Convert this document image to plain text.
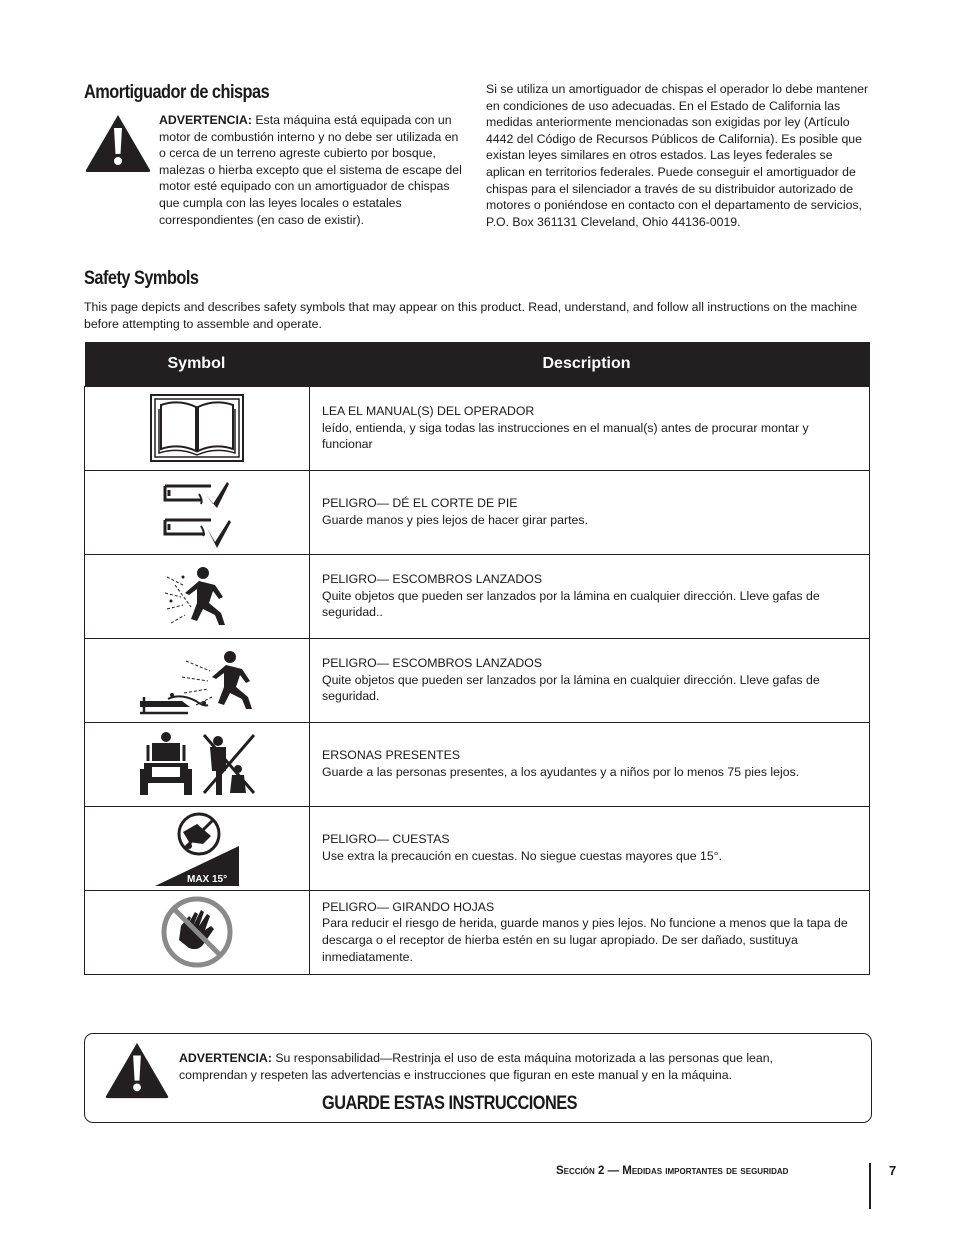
Amortiguador de chispas

ADVERTENCIA: Esta máquina está equipada con un motor de combustión interno y no debe ser utilizada en o cerca de un terreno agreste cubierto por bosque, malezas o hierba excepto que el sistema de escape del motor esté equipado con un amortiguador de chispas que cumpla con las leyes locales o estatales correspondientes (en caso de existir).

Si se utiliza un amortiguador de chispas el operador lo debe mantener en condiciones de uso adecuadas. En el Estado de California las medidas anteriormente mencionadas son exigidas por ley (Artículo 4442 del Código de Recursos Públicos de California). Es posible que existan leyes similares en otros estados. Las leyes federales se aplican en territorios federales. Puede conseguir el amortiguador de chispas para el silenciador a través de su distribuidor autorizado de motores o poniéndose en contacto con el departamento de servicios, P.O. Box 361131 Cleveland, Ohio 44136-0019.

Safety Symbols

This page depicts and describes safety symbols that may appear on this product. Read, understand, and follow all instructions on the machine before attempting to assemble and operate.

Symbol	Description

LEA EL MANUAL(S) DEL OPERADOR
leído, entienda, y siga todas las instrucciones en el manual(s) antes de procurar montar y funcionar

PELIGRO— DÉ EL CORTE DE PIE
Guarde manos y pies lejos de hacer girar partes.

PELIGRO— ESCOMBROS LANZADOS
Quite objetos que pueden ser lanzados por la lámina en cualquier dirección. Lleve gafas de seguridad..

PELIGRO— ESCOMBROS LANZADOS
Quite objetos que pueden ser lanzados por la lámina en cualquier dirección. Lleve gafas de seguridad.

ERSONAS PRESENTES
Guarde a las personas presentes, a los ayudantes y a niños por lo menos 75 pies lejos.

MAX 15°	PELIGRO— CUESTAS
Use extra la precaución en cuestas. No siegue cuestas mayores que 15°.

PELIGRO— GIRANDO HOJAS
Para reducir el riesgo de herida, guarde manos y pies lejos. No funcione a menos que la tapa de descarga o el receptor de hierba estén en su lugar apropiado. De ser dañado, sustituya inmediatamente.

ADVERTENCIA: Su responsabilidad—Restrinja el uso de esta máquina motorizada a las personas que lean, comprendan y respeten las advertencias e instrucciones que figuran en este manual y en la máquina.

GUARDE ESTAS INSTRUCCIONES
Sección 2 — Medidas importantes de seguridad	7
